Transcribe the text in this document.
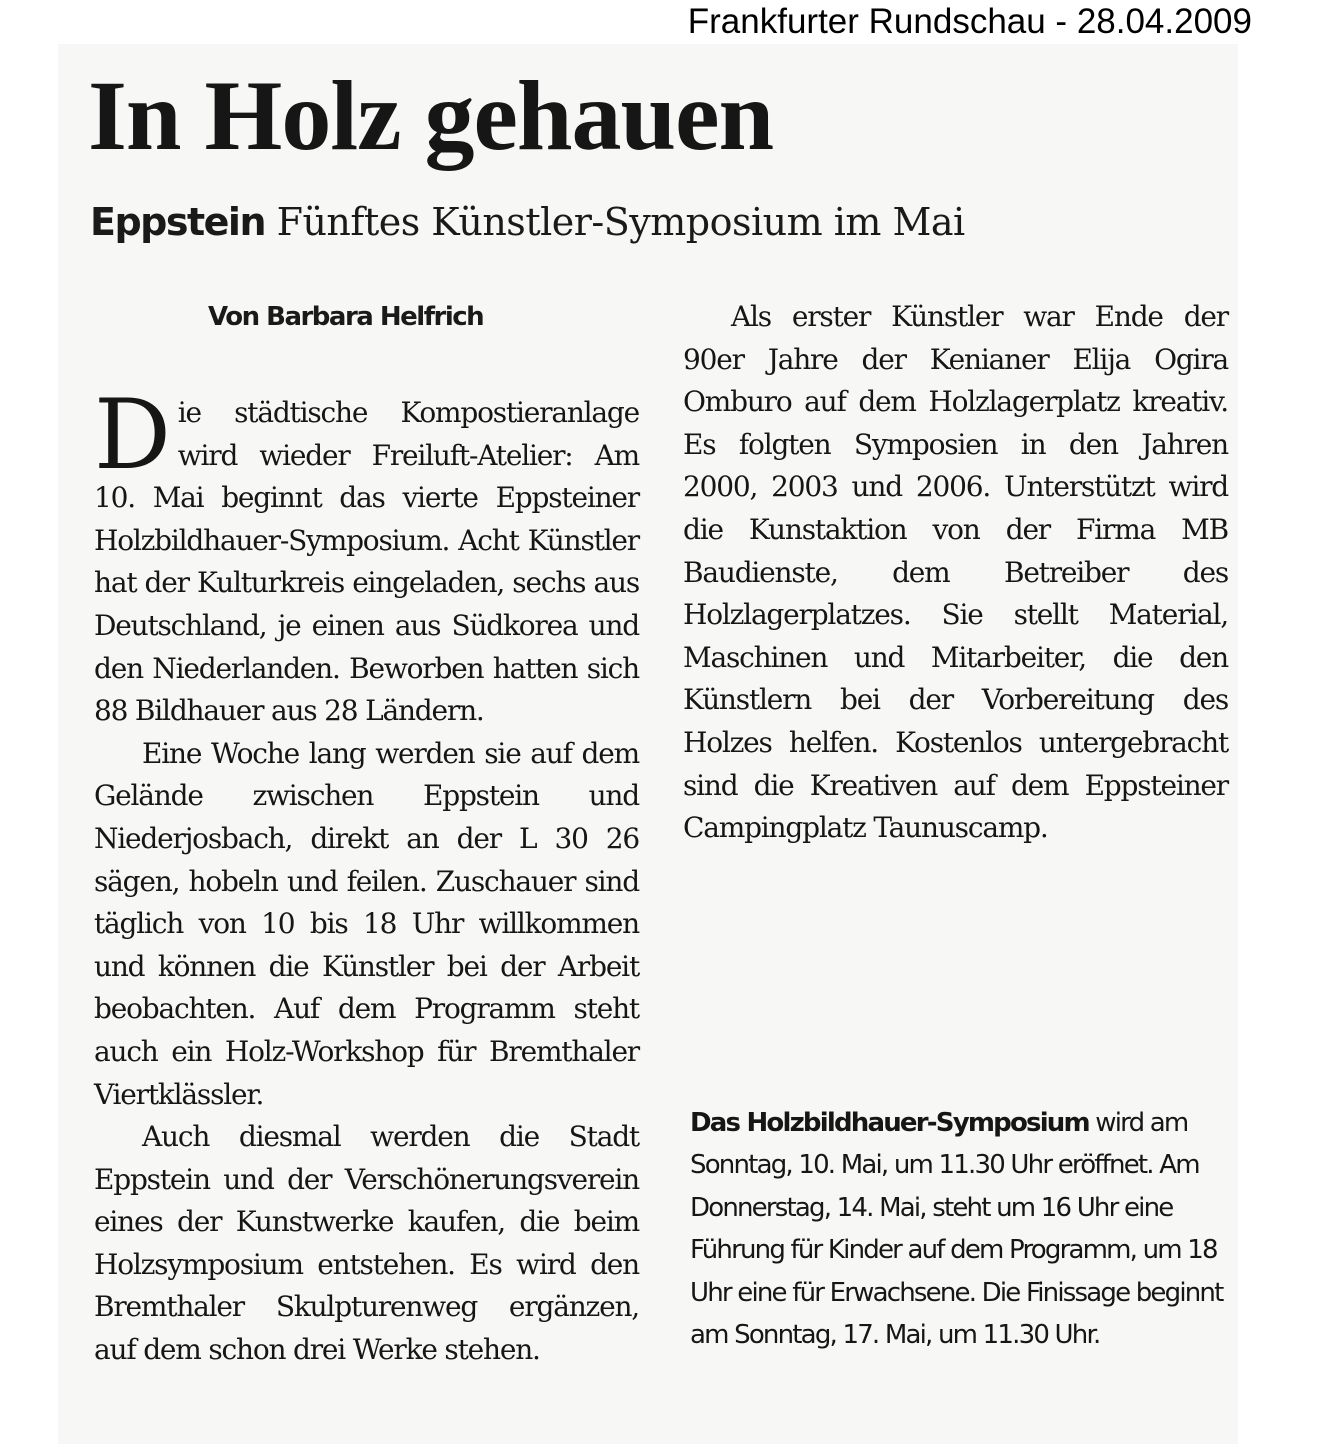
Frankfurter Rundschau - 28.04.2009
In Holz gehauen
Eppstein Fünftes Künstler-Symposium im Mai
Von Barbara Helfrich

Die städtische Kompostieranlage wird wieder Freiluft-Atelier: Am 10. Mai beginnt das vierte Eppsteiner Holzbildhauer-Symposium. Acht Künstler hat der Kulturkreis eingeladen, sechs aus Deutschland, je einen aus Südkorea und den Niederlanden. Beworben hatten sich 88 Bildhauer aus 28 Ländern.

Eine Woche lang werden sie auf dem Gelände zwischen Eppstein und Niederjosbach, direkt an der L 30 26 sägen, hobeln und feilen. Zuschauer sind täglich von 10 bis 18 Uhr willkommen und können die Künstler bei der Arbeit beobachten. Auf dem Programm steht auch ein Holz-Workshop für Bremthaler Viertklässler.

Auch diesmal werden die Stadt Eppstein und der Verschönerungsverein eines der Kunstwerke kaufen, die beim Holzsymposium entstehen. Es wird den Bremthaler Skulpturenweg ergänzen, auf dem schon drei Werke stehen.

Als erster Künstler war Ende der 90er Jahre der Kenianer Elija Ogira Omburo auf dem Holzlagerplatz kreativ. Es folgten Symposien in den Jahren 2000, 2003 und 2006. Unterstützt wird die Kunstaktion von der Firma MB Baudienste, dem Betreiber des Holzlagerplatzes. Sie stellt Material, Maschinen und Mitarbeiter, die den Künstlern bei der Vorbereitung des Holzes helfen. Kostenlos untergebracht sind die Kreativen auf dem Eppsteiner Campingplatz Taunuscamp.

Das Holzbildhauer-Symposium wird am Sonntag, 10. Mai, um 11.30 Uhr eröffnet. Am Donnerstag, 14. Mai, steht um 16 Uhr eine Führung für Kinder auf dem Programm, um 18 Uhr eine für Erwachsene. Die Finissage beginnt am Sonntag, 17. Mai, um 11.30 Uhr.
